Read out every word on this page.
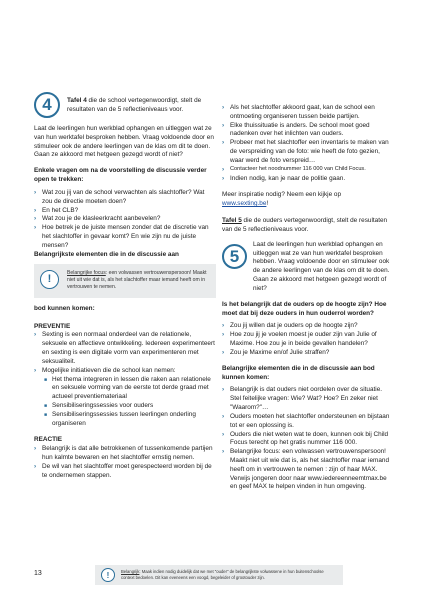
4	Tafel 4 die de school vertegenwoordigt, stelt de resultaten van de 5 reflectieniveaus voor.

Laat de leerlingen hun werkblad ophangen en uitleggen wat ze van hun werktafel besproken hebben. Vraag voldoende door en stimuleer ook de andere leerlingen van de klas om dit te doen. Gaan ze akkoord met hetgeen gezegd wordt of niet?

Enkele vragen om na de voorstelling de discussie verder open te trekken:

› Wat zou jij van de school verwachten als slachtoffer? Wat zou de directie moeten doen?
› En het CLB?
› Wat zou je de klasleerkracht aanbevelen?
› Hoe betrek je de juiste mensen zonder dat de discretie van het slachtoffer in gevaar komt? En wie zijn nu de juiste mensen?

Belangrijkste elementen die in de discussie aan

!	Belangrijke focus: een volwassen vertrouwenspersoon! Maakt niet uit wie dat is, als het slachtoffer maar iemand heeft om in vertrouwen te nemen.

bod kunnen komen:

PREVENTIE

› Sexting is een normaal onderdeel van de relationele, seksuele en affectieve ontwikkeling. Iedereen experimenteert en sexting is een digitale vorm van experimenteren met seksualiteit.
› Mogelijke initiatieven die de school kan nemen:
■ Het thema integreren in lessen die raken aan relationele en seksuele vorming van de eerste tot derde graad met actueel preventiemateriaal
■ Sensibiliseringssessies voor ouders
■ Sensibiliseringssessies tussen leerlingen onderling organiseren

REACTIE

› Belangrijk is dat alle betrokkenen of tussenkomende partijen hun kalmte bewaren en het slachtoffer ernstig nemen.
› De wil van het slachtoffer moet gerespecteerd worden bij de te ondernemen stappen.
› Als het slachtoffer akkoord gaat, kan de school een ontmoeting organiseren tussen beide partijen.
› Elke thuissituatie is anders. De school moet goed nadenken over het inlichten van ouders.
› Probeer met het slachtoffer een inventaris te maken van de verspreiding van de foto: wie heeft de foto gezien, waar werd de foto verspreid…
›	Contacteer het noodnummer 116 000 van Child Focus.
› Indien nodig, kan je naar de politie gaan.

Meer inspiratie nodig? Neem een kijkje op
www.sexting.be!

Tafel 5 die de ouders vertegenwoordigt, stelt de resultaten van de 5 reflectieniveaus voor.

5

Laat de leerlingen hun werkblad ophangen en uitleggen wat ze van hun werktafel besproken hebben. Vraag voldoende door en stimuleer ook de andere leerlingen van de klas om dit te doen. Gaan ze akkoord met hetgeen gezegd wordt of niet?

Is het belangrijk dat de ouders op de hoogte zijn? Hoe moet dat bij deze ouders in hun ouderrol worden?

› Zou jij willen dat je ouders op de hoogte zijn?
› Hoe zou jij je voelen moest je ouder zijn van Julie of Maxime. Hoe zou je in beide gevallen handelen?
› Zou je Maxime en/of Julie straffen?

Belangrijke elementen die in de discussie aan bod kunnen komen:

› Belangrijk is dat ouders niet oordelen over de situatie. Stel feitelijke vragen: Wie? Wat? Hoe? En zeker niet "Waarom?"…
› Ouders moeten het slachtoffer ondersteunen en bijstaan tot er een oplossing is.
› Ouders die niet weten wat te doen, kunnen ook bij Child Focus terecht op het gratis nummer 116 000.
› Belangrijke focus: een volwassen vertrouwenspersoon! Maakt niet uit wie dat is, als het slachtoffer maar iemand heeft om in vertrouwen te nemen : zijn of haar MAX. Verwijs jongeren door naar www.iedereenneemtmax.be en geef MAX te helpen vinden in hun omgeving.
13	!	Belangrijk: Maak indien nodig duidelijk dat we met "ouder" de belangrijkste volwassene in hun buitenschoolse context bedoelen. Dit kan eveneens een voogd, begeleider of grootouder zijn.
